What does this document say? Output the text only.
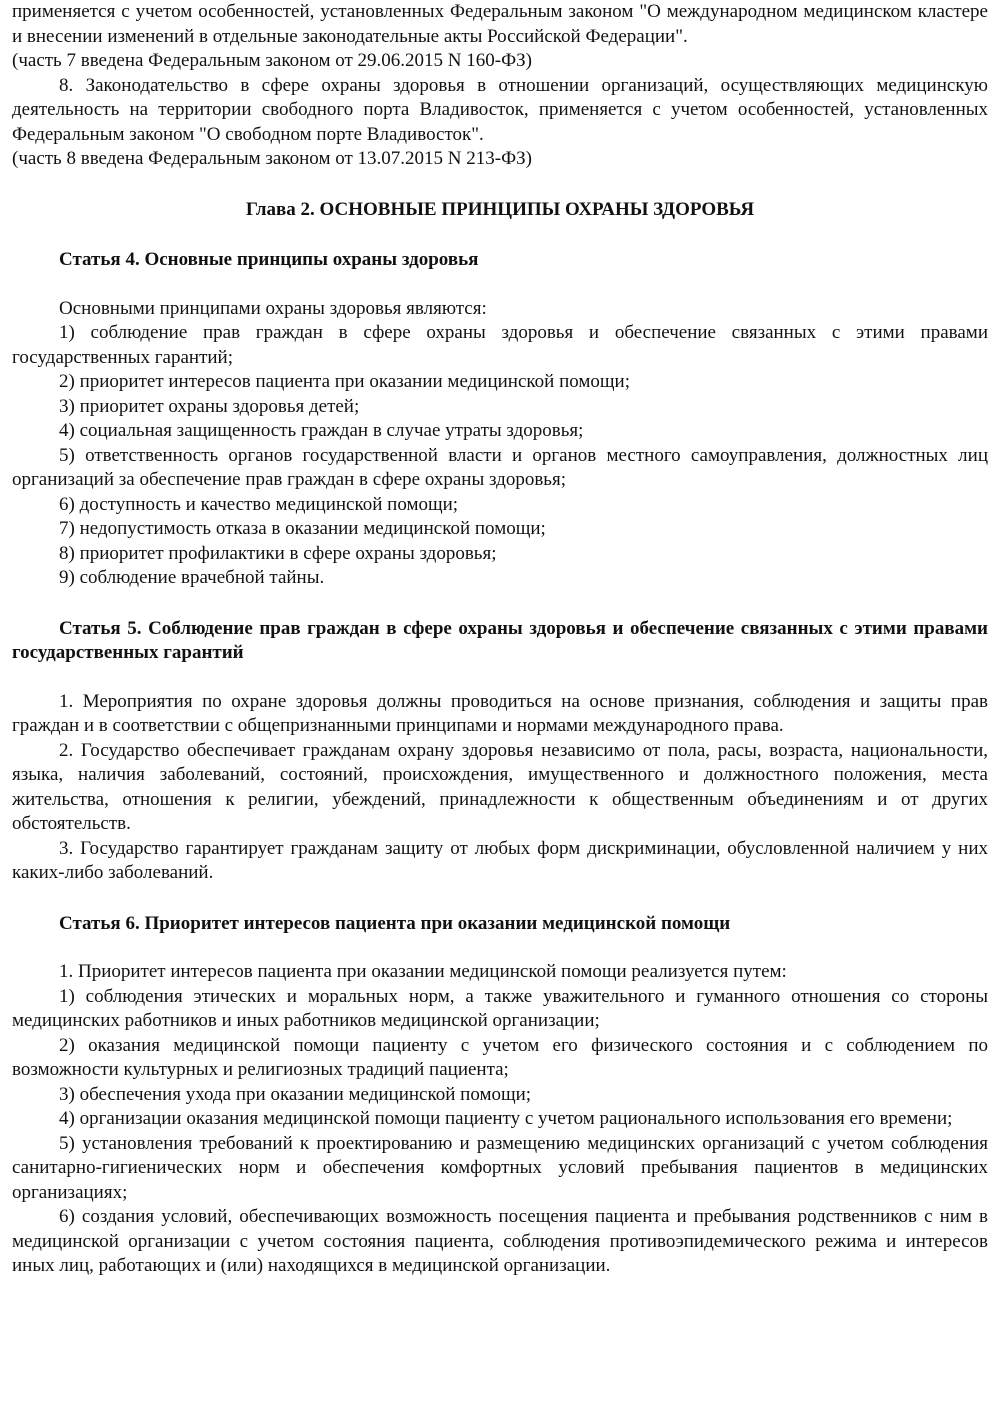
применяется с учетом особенностей, установленных Федеральным законом "О международном медицинском кластере и внесении изменений в отдельные законодательные акты Российской Федерации".

(часть 7 введена Федеральным законом от 29.06.2015 N 160-ФЗ)

8. Законодательство в сфере охраны здоровья в отношении организаций, осуществляющих медицинскую деятельность на территории свободного порта Владивосток, применяется с учетом особенностей, установленных Федеральным законом "О свободном порте Владивосток".

(часть 8 введена Федеральным законом от 13.07.2015 N 213-ФЗ)

Глава 2. ОСНОВНЫЕ ПРИНЦИПЫ ОХРАНЫ ЗДОРОВЬЯ
Статья 4. Основные принципы охраны здоровья

Основными принципами охраны здоровья являются:

1) соблюдение прав граждан в сфере охраны здоровья и обеспечение связанных с этими правами государственных гарантий;

2) приоритет интересов пациента при оказании медицинской помощи;

3) приоритет охраны здоровья детей;

4) социальная защищенность граждан в случае утраты здоровья;

5) ответственность органов государственной власти и органов местного самоуправления, должностных лиц организаций за обеспечение прав граждан в сфере охраны здоровья;

6) доступность и качество медицинской помощи;

7) недопустимость отказа в оказании медицинской помощи;

8) приоритет профилактики в сфере охраны здоровья;

9) соблюдение врачебной тайны.

Статья 5. Соблюдение прав граждан в сфере охраны здоровья и обеспечение связанных с этими правами государственных гарантий

1. Мероприятия по охране здоровья должны проводиться на основе признания, соблюдения и защиты прав граждан и в соответствии с общепризнанными принципами и нормами международного права.

2. Государство обеспечивает гражданам охрану здоровья независимо от пола, расы, возраста, национальности, языка, наличия заболеваний, состояний, происхождения, имущественного и должностного положения, места жительства, отношения к религии, убеждений, принадлежности к общественным объединениям и от других обстоятельств.

3. Государство гарантирует гражданам защиту от любых форм дискриминации, обусловленной наличием у них каких-либо заболеваний.

Статья 6. Приоритет интересов пациента при оказании медицинской помощи

1. Приоритет интересов пациента при оказании медицинской помощи реализуется путем:

1) соблюдения этических и моральных норм, а также уважительного и гуманного отношения со стороны медицинских работников и иных работников медицинской организации;

2) оказания медицинской помощи пациенту с учетом его физического состояния и с соблюдением по возможности культурных и религиозных традиций пациента;

3) обеспечения ухода при оказании медицинской помощи;

4) организации оказания медицинской помощи пациенту с учетом рационального использования его времени;

5) установления требований к проектированию и размещению медицинских организаций с учетом соблюдения санитарно-гигиенических норм и обеспечения комфортных условий пребывания пациентов в медицинских организациях;

6) создания условий, обеспечивающих возможность посещения пациента и пребывания родственников с ним в медицинской организации с учетом состояния пациента, соблюдения противоэпидемического режима и интересов иных лиц, работающих и (или) находящихся в медицинской организации.
